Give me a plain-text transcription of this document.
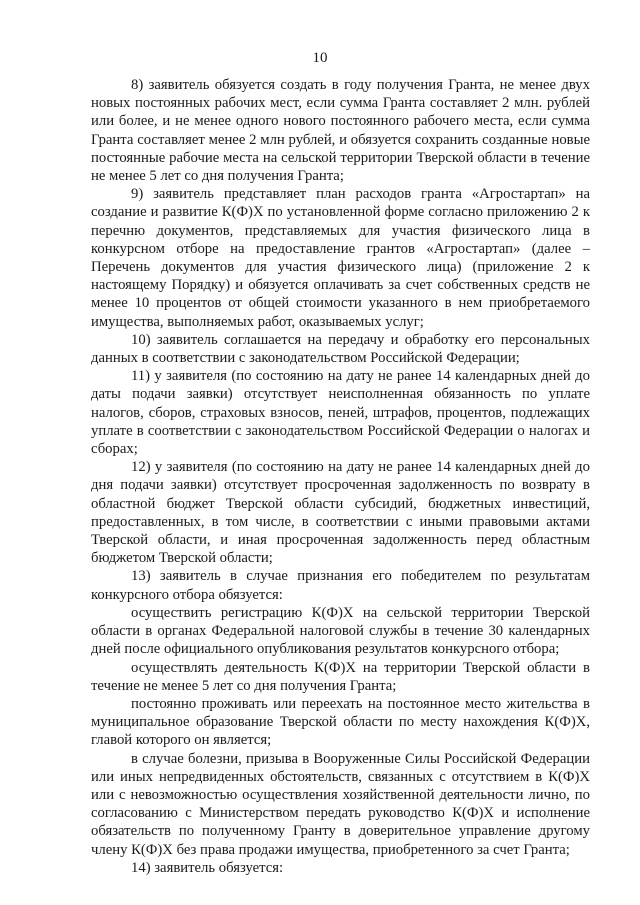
10

8) заявитель обязуется создать в году получения Гранта, не менее двух новых постоянных рабочих мест, если сумма Гранта составляет 2 млн. рублей или более, и не менее одного нового постоянного рабочего места, если сумма Гранта составляет менее 2 млн рублей, и обязуется сохранить созданные новые постоянные рабочие места на сельской территории Тверской области в течение не менее 5 лет со дня получения Гранта;

9) заявитель представляет план расходов гранта «Агростартап» на создание и развитие К(Ф)Х по установленной форме согласно приложению 2 к перечню документов, представляемых для участия физического лица в конкурсном отборе на предоставление грантов «Агростартап» (далее – Перечень документов для участия физического лица) (приложение 2 к настоящему Порядку) и обязуется оплачивать за счет собственных средств не менее 10 процентов от общей стоимости указанного в нем приобретаемого имущества, выполняемых работ, оказываемых услуг;

10) заявитель соглашается на передачу и обработку его персональных данных в соответствии с законодательством Российской Федерации;

11) у заявителя (по состоянию на дату не ранее 14 календарных дней до даты подачи заявки) отсутствует неисполненная обязанность по уплате налогов, сборов, страховых взносов, пеней, штрафов, процентов, подлежащих уплате в соответствии с законодательством Российской Федерации о налогах и сборах;

12) у заявителя (по состоянию на дату не ранее 14 календарных дней до дня подачи заявки) отсутствует просроченная задолженность по возврату в областной бюджет Тверской области субсидий, бюджетных инвестиций, предоставленных, в том числе, в соответствии с иными правовыми актами Тверской области, и иная просроченная задолженность перед областным бюджетом Тверской области;

13) заявитель в случае признания его победителем по результатам конкурсного отбора обязуется:

осуществить регистрацию К(Ф)Х на сельской территории Тверской области в органах Федеральной налоговой службы в течение 30 календарных дней после официального опубликования результатов конкурсного отбора;

осуществлять деятельность К(Ф)Х на территории Тверской области в течение не менее 5 лет со дня получения Гранта;

постоянно проживать или переехать на постоянное место жительства в муниципальное образование Тверской области по месту нахождения К(Ф)Х, главой которого он является;

в случае болезни, призыва в Вооруженные Силы Российской Федерации или иных непредвиденных обстоятельств, связанных с отсутствием в К(Ф)Х или с невозможностью осуществления хозяйственной деятельности лично, по согласованию с Министерством передать руководство К(Ф)Х и исполнение обязательств по полученному Гранту в доверительное управление другому члену К(Ф)Х без права продажи имущества, приобретенного за счет Гранта;

14) заявитель обязуется:
